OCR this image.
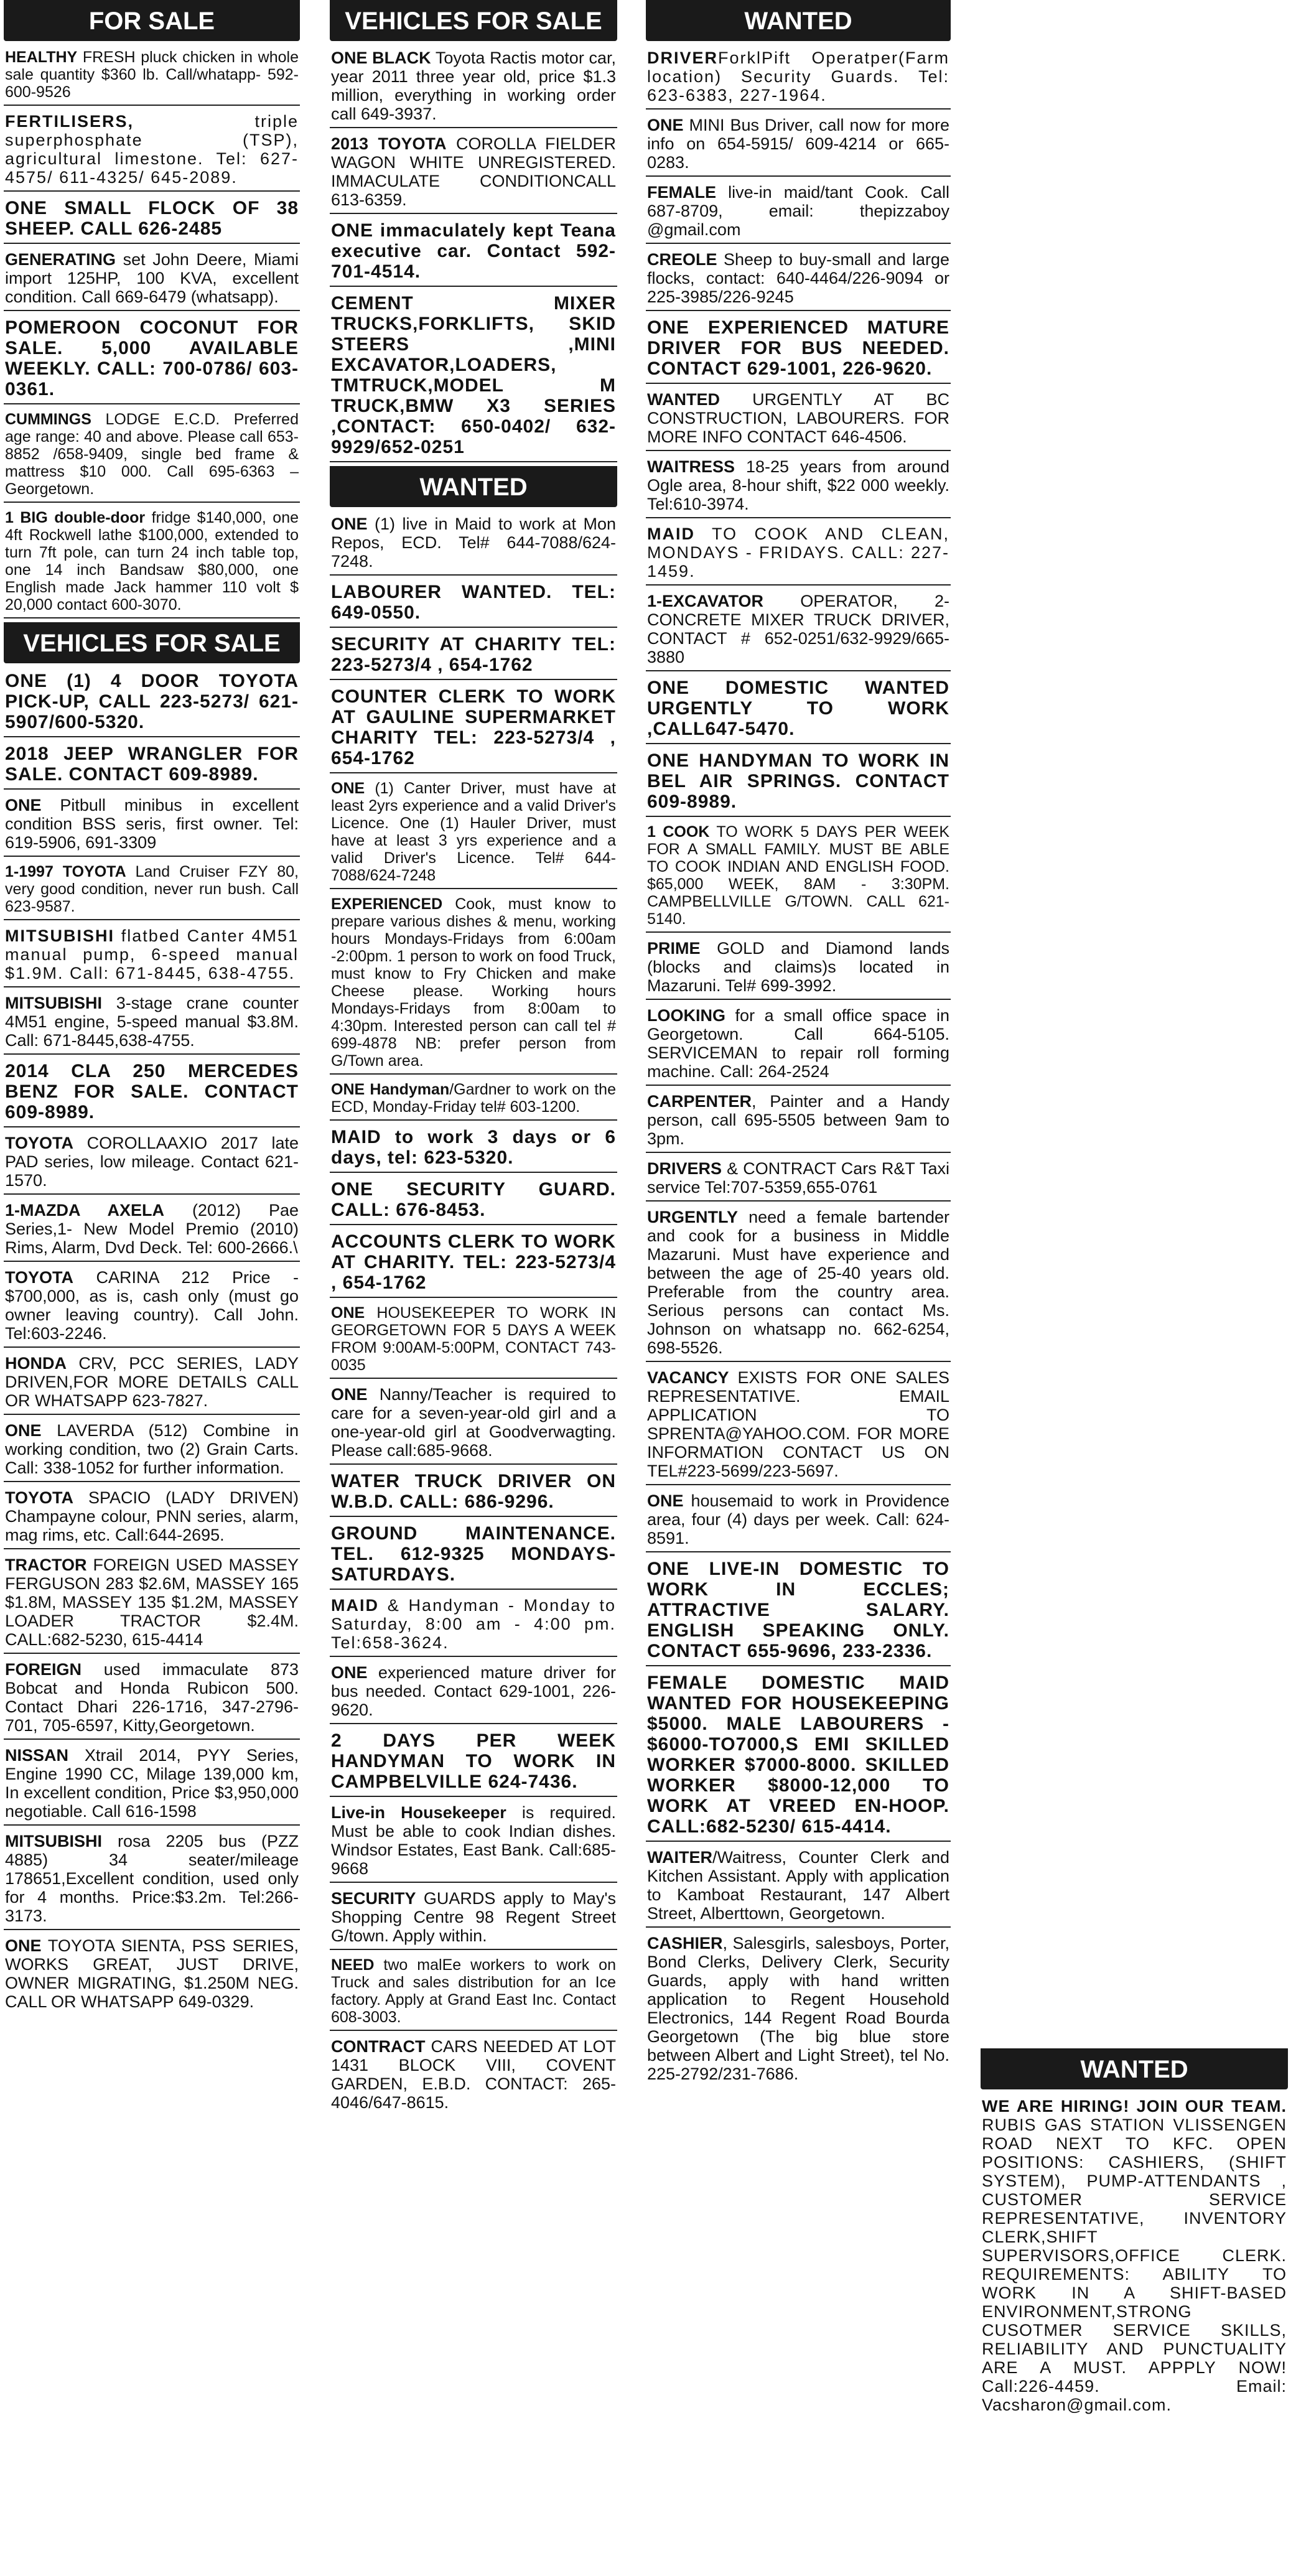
FOR SALE
HEALTHY FRESH pluck chicken in whole sale quantity $360 lb. Call/whatapp- 592-600-9526
FERTILISERS, triple superphosphate (TSP), agricultural limestone. Tel: 627-4575/ 611-4325/ 645-2089.
ONE SMALL FLOCK OF 38 SHEEP. CALL 626-2485
GENERATING set John Deere, Miami import 125HP, 100 KVA, excellent condition. Call 669-6479 (whatsapp).
POMEROON COCONUT FOR SALE. 5,000 AVAILABLE WEEKLY. CALL: 700-0786/ 603-0361.
CUMMINGS LODGE E.C.D. Preferred age range: 40 and above. Please call 653-8852 /658-9409, single bed frame & mattress $10 000. Call 695-6363 – Georgetown.
1 BIG double-door fridge $140,000, one 4ft Rockwell lathe $100,000, extended to turn 7ft pole, can turn 24 inch table top, one 14 inch Bandsaw $80,000, one English made Jack hammer 110 volt $ 20,000 contact 600-3070.
VEHICLES FOR SALE
ONE (1) 4 DOOR TOYOTA PICK-UP, CALL 223-5273/ 621-5907/600-5320.
2018 JEEP WRANGLER FOR SALE. CONTACT 609-8989.
ONE Pitbull minibus in excellent condition BSS seris, first owner. Tel: 619-5906, 691-3309
1-1997 TOYOTA Land Cruiser FZY 80, very good condition, never run bush. Call 623-9587.
MITSUBISHI flatbed Canter 4M51 manual pump, 6-speed manual $1.9M. Call: 671-8445, 638-4755.
MITSUBISHI 3-stage crane counter 4M51 engine, 5-speed manual $3.8M. Call: 671-8445,638-4755.
2014 CLA 250 MERCEDES BENZ FOR SALE. CONTACT 609-8989.
TOYOTA COROLLAAXIO 2017 late PAD series, low mileage. Contact 621-1570.
1-MAZDA AXELA (2012) Pae Series,1- New Model Premio (2010) Rims, Alarm, Dvd Deck. Tel: 600-2666.\
TOYOTA CARINA 212 Price - $700,000, as is, cash only (must go owner leaving country). Call John. Tel:603-2246.
HONDA CRV, PCC SERIES, LADY DRIVEN,FOR MORE DETAILS CALL OR WHATSAPP 623-7827.
ONE LAVERDA (512) Combine in working condition, two (2) Grain Carts. Call: 338-1052 for further information.
TOYOTA SPACIO (LADY DRIVEN) Champayne colour, PNN series, alarm, mag rims, etc. Call:644-2695.
TRACTOR FOREIGN USED MASSEY FERGUSON 283 $2.6M, MASSEY 165 $1.8M, MASSEY 135 $1.2M, MASSEY LOADER TRACTOR $2.4M. CALL:682-5230, 615-4414
FOREIGN used immaculate 873 Bobcat and Honda Rubicon 500. Contact Dhari 226-1716, 347-2796-701, 705-6597, Kitty,Georgetown.
NISSAN Xtrail 2014, PYY Series, Engine 1990 CC, Milage 139,000 km, In excellent condition, Price $3,950,000 negotiable. Call 616-1598
MITSUBISHI rosa 2205 bus (PZZ 4885) 34 seater/mileage 178651,Excellent condition, used only for 4 months. Price:$3.2m. Tel:266-3173.
ONE TOYOTA SIENTA, PSS SERIES, WORKS GREAT, JUST DRIVE, OWNER MIGRATING, $1.250M NEG. CALL OR WHATSAPP 649-0329.
VEHICLES FOR SALE
ONE BLACK Toyota Ractis motor car, year 2011 three year old, price $1.3 million, everything in working order call 649-3937.
2013 TOYOTA COROLLA FIELDER WAGON WHITE UNREGISTERED. IMMACULATE CONDITIONCALL 613-6359.
ONE immaculately kept Teana executive car. Contact 592-701-4514.
CEMENT MIXER TRUCKS,FORKLIFTS, SKID STEERS ,MINI EXCAVATOR,LOADERS, TMTRUCK,MODEL M TRUCK,BMW X3 SERIES ,CONTACT: 650-0402/ 632-9929/652-0251
WANTED
ONE (1) live in Maid to work at Mon Repos, ECD. Tel# 644-7088/624-7248.
LABOURER WANTED. TEL: 649-0550.
SECURITY AT CHARITY TEL: 223-5273/4 , 654-1762
COUNTER CLERK TO WORK AT GAULINE SUPERMARKET CHARITY TEL: 223-5273/4 , 654-1762
ONE (1) Canter Driver, must have at least 2yrs experience and a valid Driver's Licence. One (1) Hauler Driver, must have at least 3 yrs experience and a valid Driver's Licence. Tel# 644-7088/624-7248
EXPERIENCED Cook, must know to prepare various dishes & menu, working hours Mondays-Fridays from 6:00am -2:00pm. 1 person to work on food Truck, must know to Fry Chicken and make Cheese please. Working hours Mondays-Fridays from 8:00am to 4:30pm. Interested person can call tel # 699-4878 NB: prefer person from G/Town area.
ONE Handyman/Gardner to work on the ECD, Monday-Friday tel# 603-1200.
MAID to work 3 days or 6 days, tel: 623-5320.
ONE SECURITY GUARD. CALL: 676-8453.
ACCOUNTS CLERK TO WORK AT CHARITY. TEL: 223-5273/4 , 654-1762
ONE HOUSEKEEPER TO WORK IN GEORGETOWN FOR 5 DAYS A WEEK FROM 9:00AM-5:00PM, CONTACT 743-0035
ONE Nanny/Teacher is required to care for a seven-year-old girl and a one-year-old girl at Goodverwagting. Please call:685-9668.
WATER TRUCK DRIVER ON W.B.D. CALL: 686-9296.
GROUND MAINTENANCE. TEL. 612-9325 MONDAYS-SATURDAYS.
MAID & Handyman - Monday to Saturday, 8:00 am - 4:00 pm. Tel:658-3624.
ONE experienced mature driver for bus needed. Contact 629-1001, 226-9620.
2 DAYS PER WEEK HANDYMAN TO WORK IN CAMPBELVILLE 624-7436.
Live-in Housekeeper is required. Must be able to cook Indian dishes. Windsor Estates, East Bank. Call:685-9668
SECURITY GUARDS apply to May's Shopping Centre 98 Regent Street G/town. Apply within.
NEED two malEe workers to work on Truck and sales distribution for an Ice factory. Apply at Grand East Inc. Contact 608-3003.
CONTRACT CARS NEEDED AT LOT 1431 BLOCK VIII, COVENT GARDEN, E.B.D. CONTACT: 265-4046/647-8615.
WANTED
DRIVERForklPift Operatper(Farm location) Security Guards. Tel: 623-6383, 227-1964.
ONE MINI Bus Driver, call now for more info on 654-5915/ 609-4214 or 665-0283.
FEMALE live-in maid/tant Cook. Call 687-8709, email: thepizzaboy @gmail.com
CREOLE Sheep to buy-small and large flocks, contact: 640-4464/226-9094 or 225-3985/226-9245
ONE EXPERIENCED MATURE DRIVER FOR BUS NEEDED. CONTACT 629-1001, 226-9620.
WANTED URGENTLY AT BC CONSTRUCTION, LABOURERS. FOR MORE INFO CONTACT 646-4506.
WAITRESS 18-25 years from around Ogle area, 8-hour shift, $22 000 weekly. Tel:610-3974.
MAID TO COOK AND CLEAN, MONDAYS - FRIDAYS. CALL: 227-1459.
1-EXCAVATOR OPERATOR, 2- CONCRETE MIXER TRUCK DRIVER, CONTACT # 652-0251/632-9929/665-3880
ONE DOMESTIC WANTED URGENTLY TO WORK ,CALL647-5470.
ONE HANDYMAN TO WORK IN BEL AIR SPRINGS. CONTACT 609-8989.
1 COOK TO WORK 5 DAYS PER WEEK FOR A SMALL FAMILY. MUST BE ABLE TO COOK INDIAN AND ENGLISH FOOD. $65,000 WEEK, 8AM - 3:30PM. CAMPBELLVILLE G/TOWN. CALL 621-5140.
PRIME GOLD and Diamond lands (blocks and claims)s located in Mazaruni. Tel# 699-3992.
LOOKING for a small office space in Georgetown. Call 664-5105. SERVICEMAN to repair roll forming machine. Call: 264-2524
CARPENTER, Painter and a Handy person, call 695-5505 between 9am to 3pm.
DRIVERS & CONTRACT Cars R&T Taxi service Tel:707-5359,655-0761
URGENTLY need a female bartender and cook for a business in Middle Mazaruni. Must have experience and between the age of 25-40 years old. Preferable from the country area. Serious persons can contact Ms. Johnson on whatsapp no. 662-6254, 698-5526.
VACANCY EXISTS FOR ONE SALES REPRESENTATIVE. EMAIL APPLICATION TO SPRENTA@YAHOO.COM. FOR MORE INFORMATION CONTACT US ON TEL#223-5699/223-5697.
ONE housemaid to work in Providence area, four (4) days per week. Call: 624-8591.
ONE LIVE-IN DOMESTIC TO WORK IN ECCLES; ATTRACTIVE SALARY. ENGLISH SPEAKING ONLY. CONTACT 655-9696, 233-2336.
FEMALE DOMESTIC MAID WANTED FOR HOUSEKEEPING $5000. MALE LABOURERS - $6000-TO7000,S EMI SKILLED WORKER $7000-8000. SKILLED WORKER $8000-12,000 TO WORK AT VREED EN-HOOP. CALL:682-5230/ 615-4414.
WAITER/Waitress, Counter Clerk and Kitchen Assistant. Apply with application to Kamboat Restaurant, 147 Albert Street, Alberttown, Georgetown.
CASHIER, Salesgirls, salesboys, Porter, Bond Clerks, Delivery Clerk, Security Guards, apply with hand written application to Regent Household Electronics, 144 Regent Road Bourda Georgetown (The big blue store between Albert and Light Street), tel No. 225-2792/231-7686.	WANTED
WE ARE HIRING! JOIN OUR TEAM. RUBIS GAS STATION VLISSENGEN ROAD NEXT TO KFC. OPEN POSITIONS: CASHIERS, (SHIFT SYSTEM), PUMP-ATTENDANTS , CUSTOMER SERVICE REPRESENTATIVE, INVENTORY CLERK,SHIFT SUPERVISORS,OFFICE CLERK. REQUIREMENTS: ABILITY TO WORK IN A SHIFT-BASED ENVIRONMENT,STRONG CUSOTMER SERVICE SKILLS, RELIABILITY AND PUNCTUALITY ARE A MUST. APPPLY NOW! Call:226-4459. Email: Vacsharon@gmail.com.
